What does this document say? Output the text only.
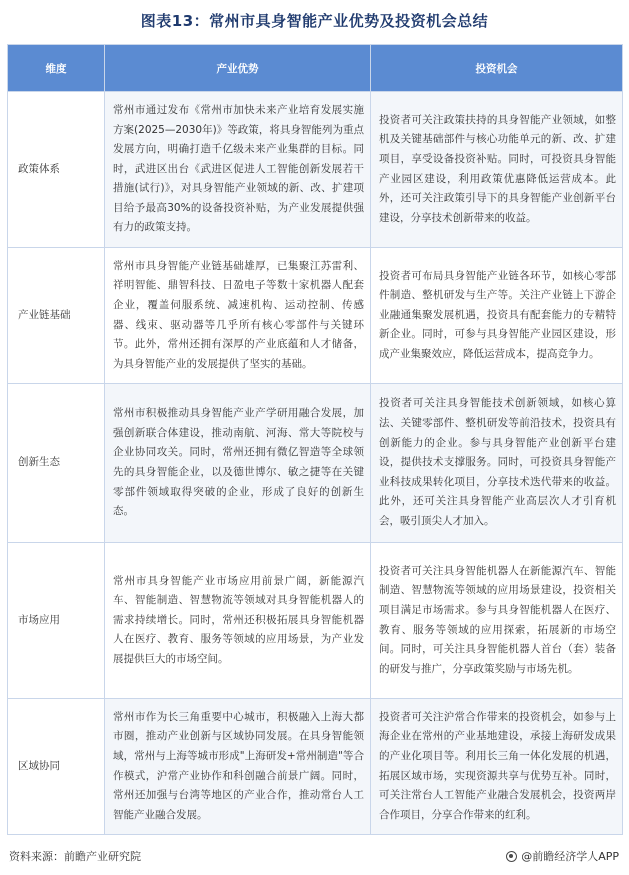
图表13：常州市具身智能产业优势及投资机会总结
维度	产业优势	投资机会
政策体系	常州市通过发布《常州市加快未来产业培育发展实施方案(2025—2030年)》等政策，将具身智能列为重点发展方向，明确打造千亿级未来产业集群的目标。同时，武进区出台《武进区促进人工智能创新发展若干措施(试行)》，对具身智能产业领域的新、改、扩建项目给予最高30%的设备投资补贴，为产业发展提供强有力的政策支持。	投资者可关注政策扶持的具身智能产业领域，如整机及关键基础部件与核心功能单元的新、改、扩建项目，享受设备投资补贴。同时，可投资具身智能产业园区建设，利用政策优惠降低运营成本。此外，还可关注政策引导下的具身智能产业创新平台建设，分享技术创新带来的收益。
产业链基础	常州市具身智能产业链基础雄厚，已集聚江苏雷利、祥明智能、鼎智科技、日盈电子等数十家机器人配套企业，覆盖伺服系统、减速机构、运动控制、传感器、线束、驱动器等几乎所有核心零部件与关键环节。此外，常州还拥有深厚的产业底蕴和人才储备，为具身智能产业的发展提供了坚实的基础。	投资者可布局具身智能产业链各环节，如核心零部件制造、整机研发与生产等。关注产业链上下游企业融通集聚发展机遇，投资具有配套能力的专精特新企业。同时，可参与具身智能产业园区建设，形成产业集聚效应，降低运营成本，提高竞争力。
创新生态	常州市积极推动具身智能产业产学研用融合发展，加强创新联合体建设，推动南航、河海、常大等院校与企业协同攻关。同时，常州还拥有微亿智造等全球领先的具身智能企业，以及德世博尔、敏之捷等在关键零部件领域取得突破的企业，形成了良好的创新生态。	投资者可关注具身智能技术创新领域，如核心算法、关键零部件、整机研发等前沿技术，投资具有创新能力的企业。参与具身智能产业创新平台建设，提供技术支撑服务。同时，可投资具身智能产业科技成果转化项目，分享技术迭代带来的收益。此外，还可关注具身智能产业高层次人才引育机会，吸引顶尖人才加入。
市场应用	常州市具身智能产业市场应用前景广阔，新能源汽车、智能制造、智慧物流等领域对具身智能机器人的需求持续增长。同时，常州还积极拓展具身智能机器人在医疗、教育、服务等领域的应用场景，为产业发展提供巨大的市场空间。	投资者可关注具身智能机器人在新能源汽车、智能制造、智慧物流等领域的应用场景建设，投资相关项目满足市场需求。参与具身智能机器人在医疗、教育、服务等领域的应用探索，拓展新的市场空间。同时，可关注具身智能机器人首台（套）装备的研发与推广，分享政策奖励与市场先机。
区域协同	常州市作为长三角重要中心城市，积极融入上海大都市圈，推动产业创新与区域协同发展。在具身智能领域，常州与上海等城市形成"上海研发+常州制造"等合作模式，沪常产业协作和科创融合前景广阔。同时，常州还加强与台湾等地区的产业合作，推动常台人工智能产业融合发展。	投资者可关注沪常合作带来的投资机会，如参与上海企业在常州的产业基地建设，承接上海研发成果的产业化项目等。利用长三角一体化发展的机遇，拓展区域市场，实现资源共享与优势互补。同时，可关注常台人工智能产业融合发展机会，投资两岸合作项目，分享合作带来的红利。
资料来源：前瞻产业研究院	@前瞻经济学人APP
